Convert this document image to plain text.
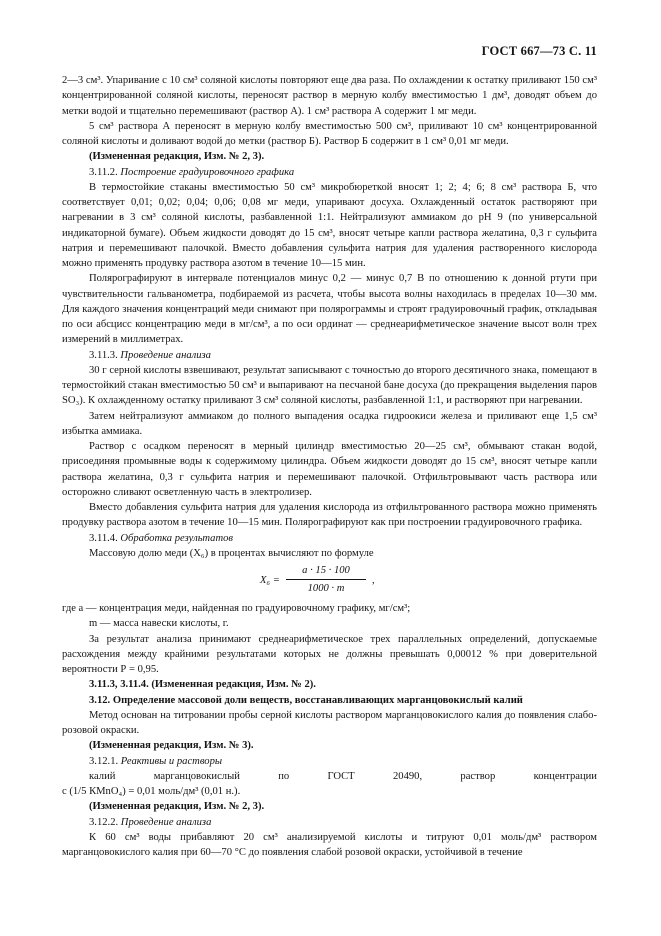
ГОСТ 667—73 С. 11

2—3 см³. Упаривание с 10 см³ соляной кислоты повторяют еще два раза. По охлаждении к остатку приливают 150 см³ концентрированной соляной кислоты, переносят раствор в мерную колбу вместимостью 1 дм³, доводят объем до метки водой и тщательно перемешивают (раствор А). 1 см³ раствора А содержит 1 мг меди.

5 см³ раствора А переносят в мерную колбу вместимостью 500 см³, приливают 10 см³ концентрированной соляной кислоты и доливают водой до метки (раствор Б). Раствор Б содержит в 1 см³ 0,01 мг меди.

(Измененная редакция, Изм. № 2, 3).

3.11.2. Построение градуировочного графика

В термостойкие стаканы вместимостью 50 см³ микробюреткой вносят 1; 2; 4; 6; 8 см³ раствора Б, что соответствует 0,01; 0,02; 0,04; 0,06; 0,08 мг меди, упаривают досуха. Охлажденный остаток растворяют при нагревании в 3 см³ соляной кислоты, разбавленной 1:1. Нейтрализуют аммиаком до рН 9 (по универсальной индикаторной бумаге). Объем жидкости доводят до 15 см³, вносят четыре капли раствора желатина, 0,3 г сульфита натрия и перемешивают палочкой. Вместо добавления сульфита натрия для удаления растворенного кислорода можно применять продувку раствора азотом в течение 10—15 мин.

Полярографируют в интервале потенциалов минус 0,2 — минус 0,7 В по отношению к донной ртути при чувствительности гальванометра, подбираемой из расчета, чтобы высота волны находилась в пределах 10—30 мм. Для каждого значения концентраций меди снимают при полярограммы и строят градуировочный график, откладывая по оси абсцисс концентрацию меди в мг/см³, а по оси ординат — среднеарифметическое значение высот волн трех измерений в миллиметрах.

3.11.3. Проведение анализа

30 г серной кислоты взвешивают, результат записывают с точностью до второго десятичного знака, помещают в термостойкий стакан вместимостью 50 см³ и выпаривают на песчаной бане досуха (до прекращения выделения паров SO₃). К охлажденному остатку приливают 3 см³ соляной кислоты, разбавленной 1:1, и растворяют при нагревании.

Затем нейтрализуют аммиаком до полного выпадения осадка гидроокиси железа и приливают еще 1,5 см³ избытка аммиака.

Раствор с осадком переносят в мерный цилиндр вместимостью 20—25 см³, обмывают стакан водой, присоединяя промывные воды к содержимому цилиндра. Объем жидкости доводят до 15 см³, вносят четыре капли раствора желатина, 0,3 г сульфита натрия и перемешивают палочкой. Отфильтровывают часть раствора или осторожно сливают осветленную часть в электролизер.

Вместо добавления сульфита натрия для удаления кислорода из отфильтрованного раствора можно применять продувку раствора азотом в течение 10—15 мин. Полярографируют как при построении градуировочного графика.

3.11.4. Обработка результатов

Массовую долю меди (X₆) в процентах вычисляют по формуле

$X_6 = \frac{a \cdot 15 \cdot 100}{1000 \cdot m}$ ,

где а — концентрация меди, найденная по градуировочному графику, мг/см³;

m — масса навески кислоты, г.

За результат анализа принимают среднеарифметическое трех параллельных определений, допускаемые расхождения между крайними результатами которых не должны превышать 0,00012 % при доверительной вероятности Р = 0,95.

3.11.3, 3.11.4. (Измененная редакция, Изм. № 2).

3.12. Определение массовой доли веществ, восстанавливающих марганцовокислый калий

Метод основан на титровании пробы серной кислоты раствором марганцовокислого калия до появления слабо-розовой окраски.

(Измененная редакция, Изм. № 3).

3.12.1. Реактивы и растворы

калий	марганцовокислый	по	ГОСТ	20490,	раствор	концентрации

с (1/5 КМnО₄) = 0,01 моль/дм³ (0,01 н.).

(Измененная редакция, Изм. № 2, 3).

3.12.2. Проведение анализа

К 60 см³ воды прибавляют 20 см³ анализируемой кислоты и титруют 0,01 моль/дм³ раствором марганцовокислого калия при 60—70 °С до появления слабой розовой окраски, устойчивой в течение
